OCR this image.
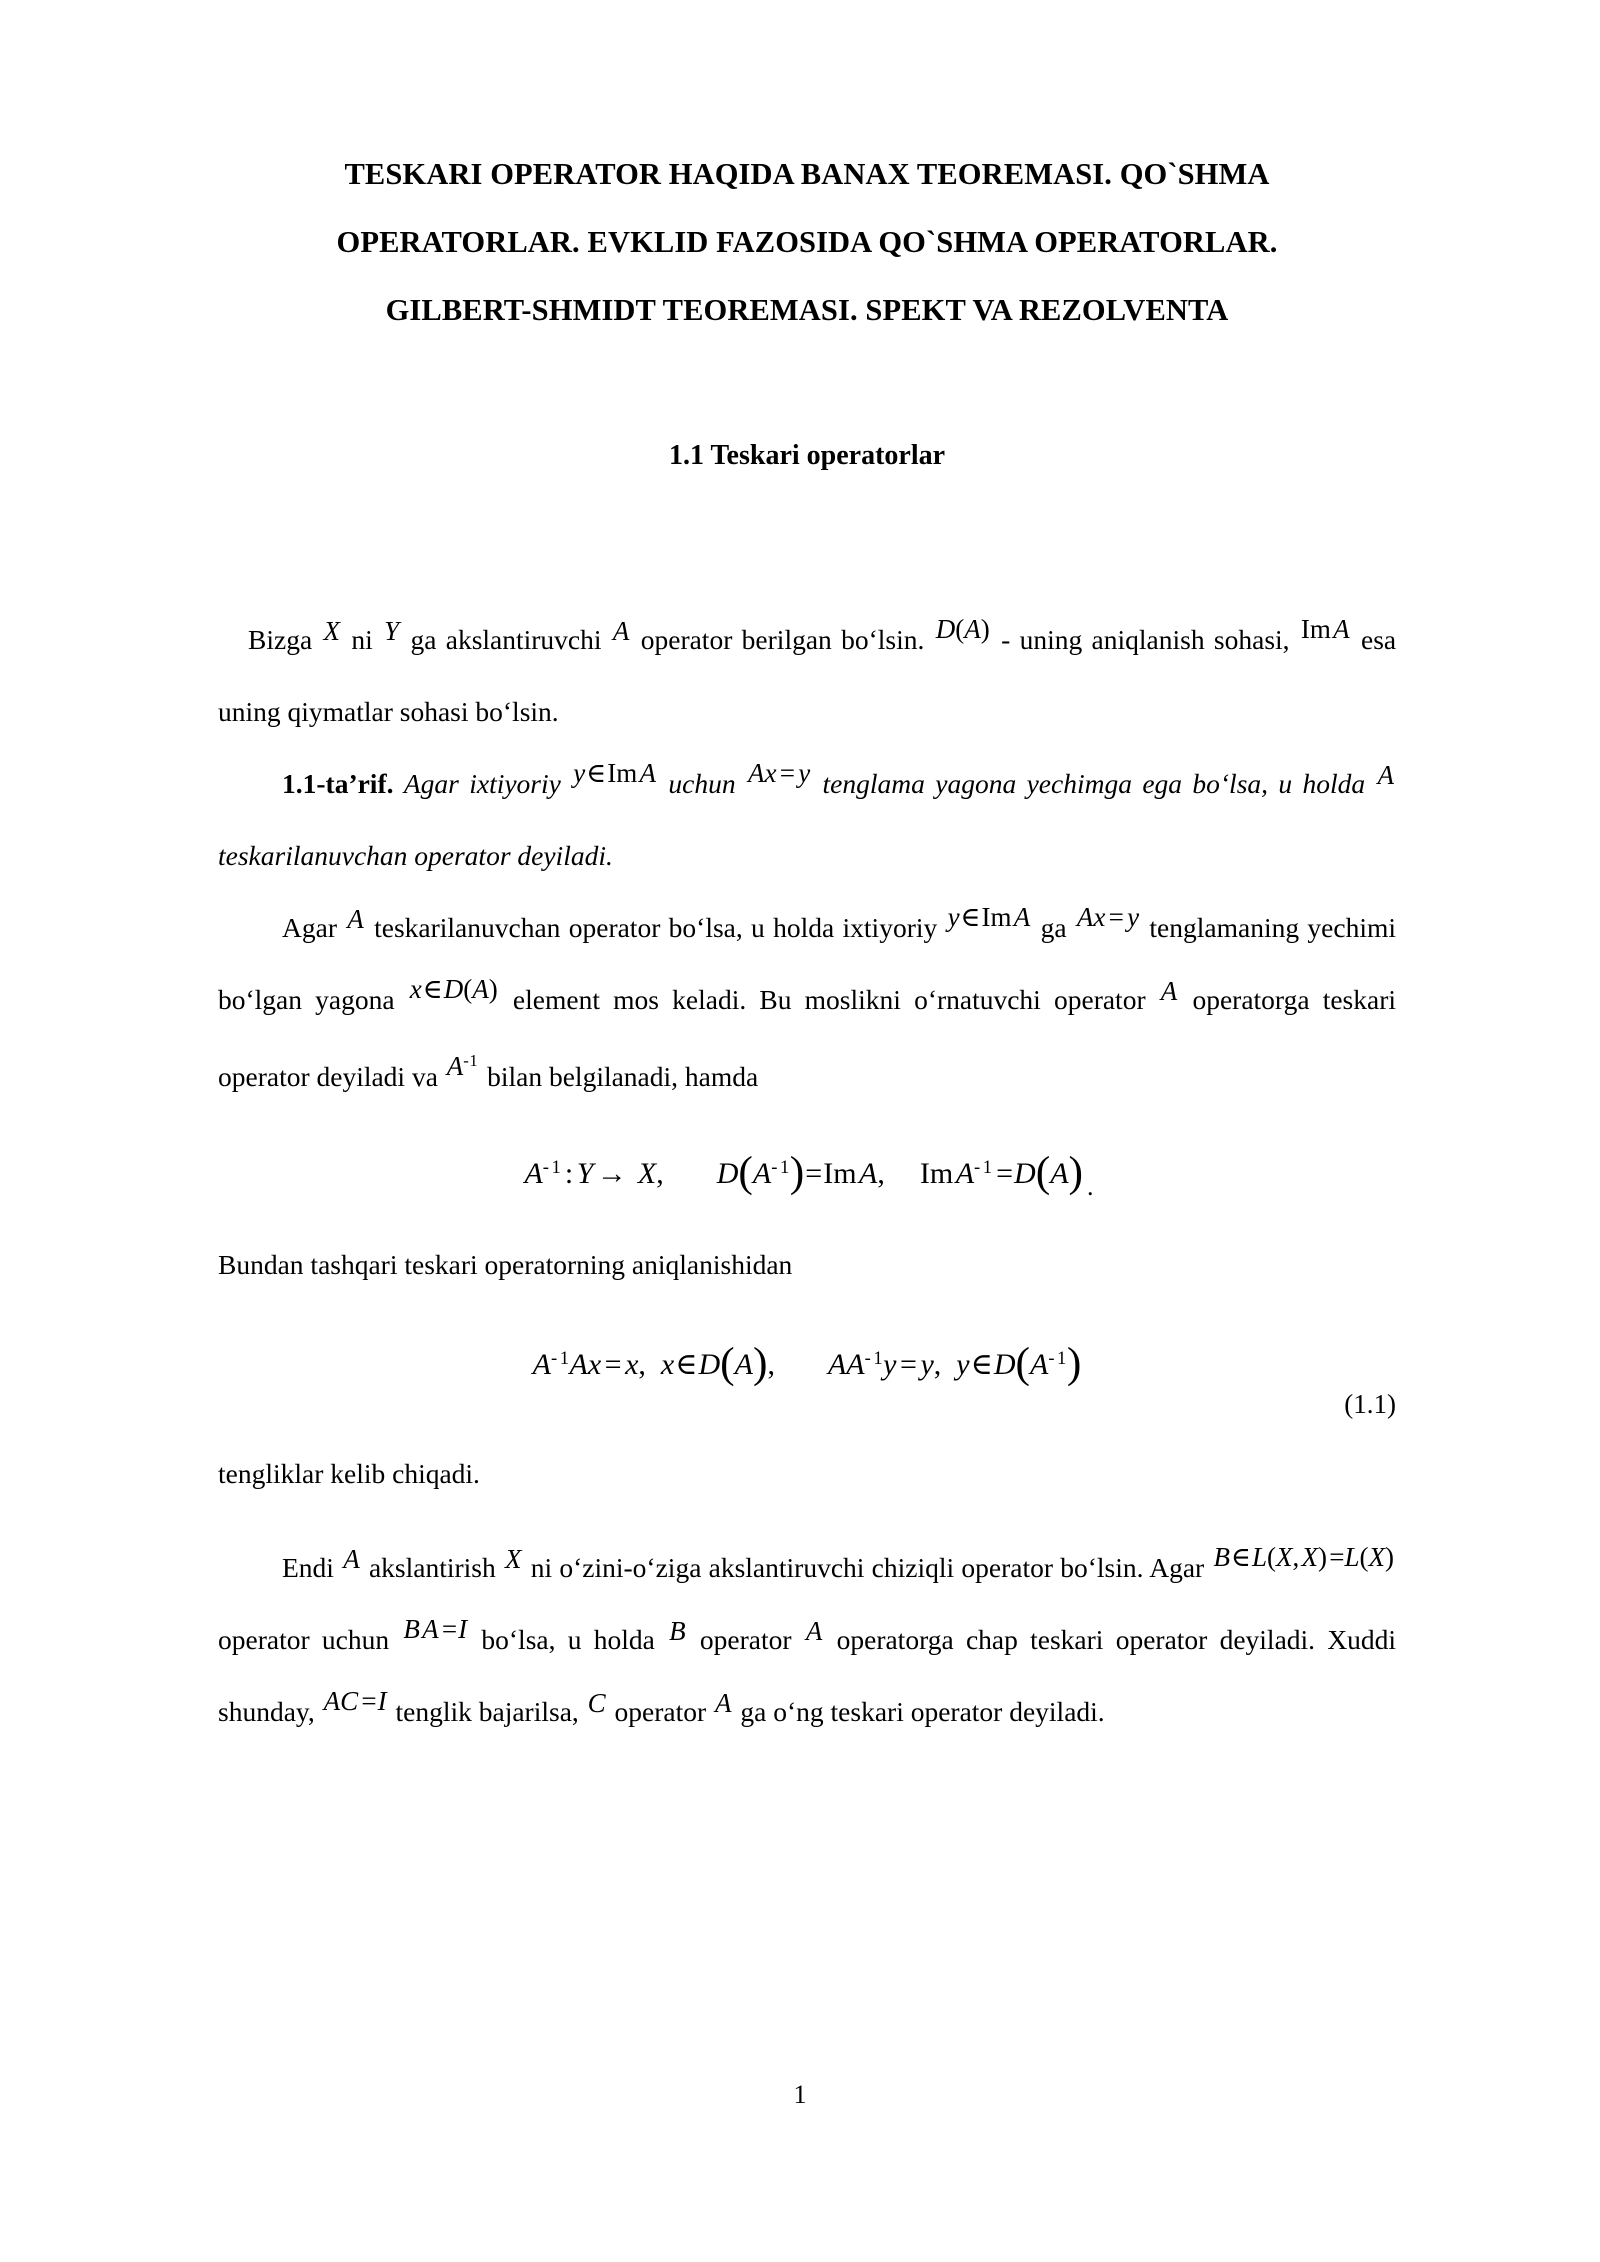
TESKARI OPERATOR HAQIDA BANAX TEOREMASI. QO`SHMA
OPERATORLAR. EVKLID FAZOSIDA QO`SHMA OPERATORLAR.
GILBERT-SHMIDT TEOREMASI. SPEKT VA REZOLVENTA
1.1 Teskari operatorlar

Bizga X ni Y ga akslantiruvchi A operator berilgan bo‘lsin. D(A) - uning aniqlanish sohasi, Im A esa uning qiymatlar sohasi bo‘lsin.

1.1-ta’rif. Agar ixtiyoriy y∈Im A uchun Ax = y tenglama yagona yechimga ega bo‘lsa, u holda A teskarilanuvchan operator deyiladi.

Agar A teskarilanuvchan operator bo‘lsa, u holda ixtiyoriy y∈Im A ga Ax = y tenglamaning yechimi bo‘lgan yagona x∈D(A) element mos keladi. Bu moslikni o‘rnatuvchi operator A operatorga teskari operator deyiladi va $A^{-1}$ bilan belgilanadi, hamda

$A^{- 1}$ : Y →  X, $D(A^{- 1})=Im$ A, Im $A^{- 1}$ =D(A) .

Bundan tashqari teskari operatorning aniqlanishidan

$A^{- 1}Ax$ = x,  x∈D(A), $AA^{- 1}y$ = y,  $y\in D(A^{- 1})$
(1.1)

tengliklar kelib chiqadi.

Endi A akslantirish X ni o‘zini-o‘ziga akslantiruvchi chiziqli operator bo‘lsin. Agar B∈L(X, X) =L(X) operator uchun B A =I bo‘lsa, u holda B operator A operatorga chap teskari operator deyiladi. Xuddi shunday, AC =I tenglik bajarilsa, C operator A ga o‘ng teskari operator deyiladi.

1
